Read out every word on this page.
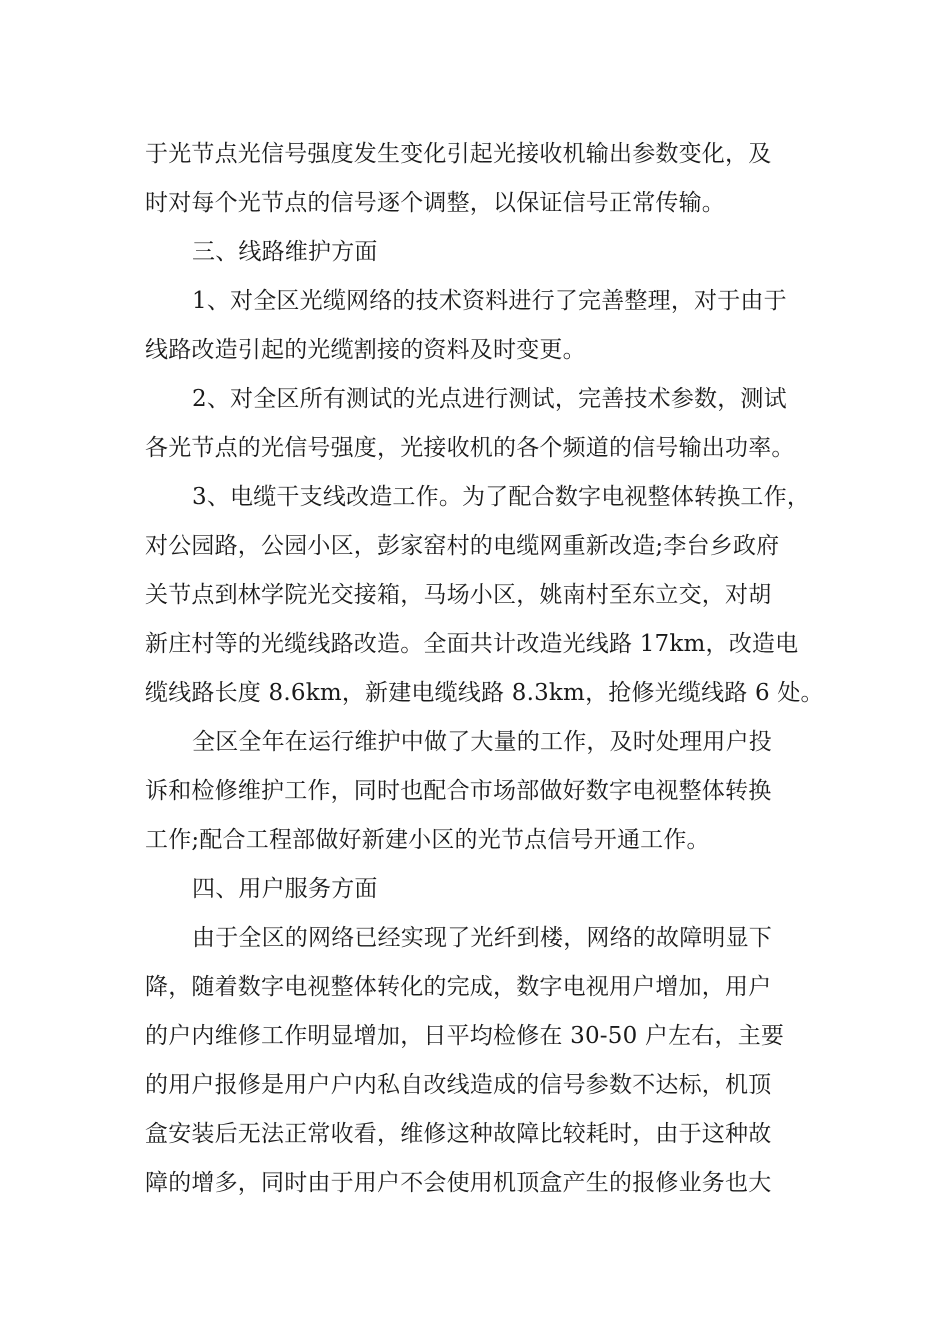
于光节点光信号强度发生变化引起光接收机输出参数变化，及
时对每个光节点的信号逐个调整，以保证信号正常传输。
三、线路维护方面
1、对全区光缆网络的技术资料进行了完善整理，对于由于
线路改造引起的光缆割接的资料及时变更。
2、对全区所有测试的光点进行测试，完善技术参数，测试
各光节点的光信号强度，光接收机的各个频道的信号输出功率。
3、电缆干支线改造工作。为了配合数字电视整体转换工作，
对公园路，公园小区，彭家窑村的电缆网重新改造;李台乡政府
关节点到林学院光交接箱，马场小区，姚南村至东立交，对胡
新庄村等的光缆线路改造。全面共计改造光线路 17km，改造电
缆线路长度 8.6km，新建电缆线路 8.3km，抢修光缆线路 6 处。
全区全年在运行维护中做了大量的工作，及时处理用户投
诉和检修维护工作，同时也配合市场部做好数字电视整体转换
工作;配合工程部做好新建小区的光节点信号开通工作。
四、用户服务方面
由于全区的网络已经实现了光纤到楼，网络的故障明显下
降，随着数字电视整体转化的完成，数字电视用户增加，用户
的户内维修工作明显增加，日平均检修在 30-50 户左右，主要
的用户报修是用户户内私自改线造成的信号参数不达标，机顶
盒安装后无法正常收看，维修这种故障比较耗时，由于这种故
障的增多，同时由于用户不会使用机顶盒产生的报修业务也大
